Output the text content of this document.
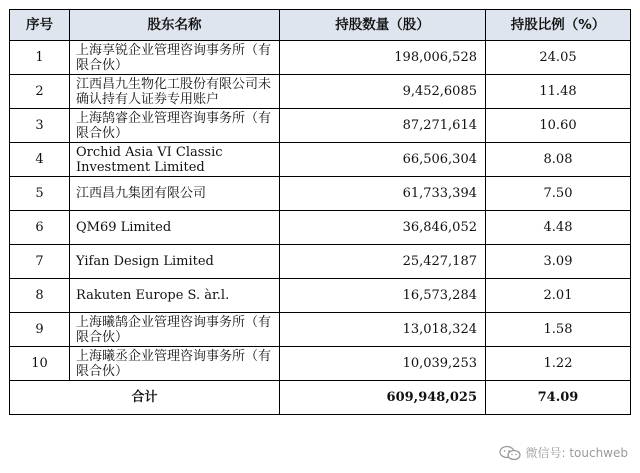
序号	股东名称	持股数量（股）	持股比例（%）
1	上海享锐企业管理咨询事务所（有限合伙）	198,006,528	24.05
2	江西昌九生物化工股份有限公司未确认持有人证券专用账户	9,452,6085	11.48
3	上海鹄睿企业管理咨询事务所（有限合伙）	87,271,614	10.60
4	Orchid Asia VI Classic Investment Limited	66,506,304	8.08
5	江西昌九集团有限公司	61,733,394	7.50
6	QM69 Limited	36,846,052	4.48
7	Yifan Design Limited	25,427,187	3.09
8	Rakuten Europe S. àr.l.	16,573,284	2.01
9	上海曦鹄企业管理咨询事务所（有限合伙）	13,018,324	1.58
10	上海曦丞企业管理咨询事务所（有限合伙）	10,039,253	1.22
合计		609,948,025	74.09
微信号: touchweb
